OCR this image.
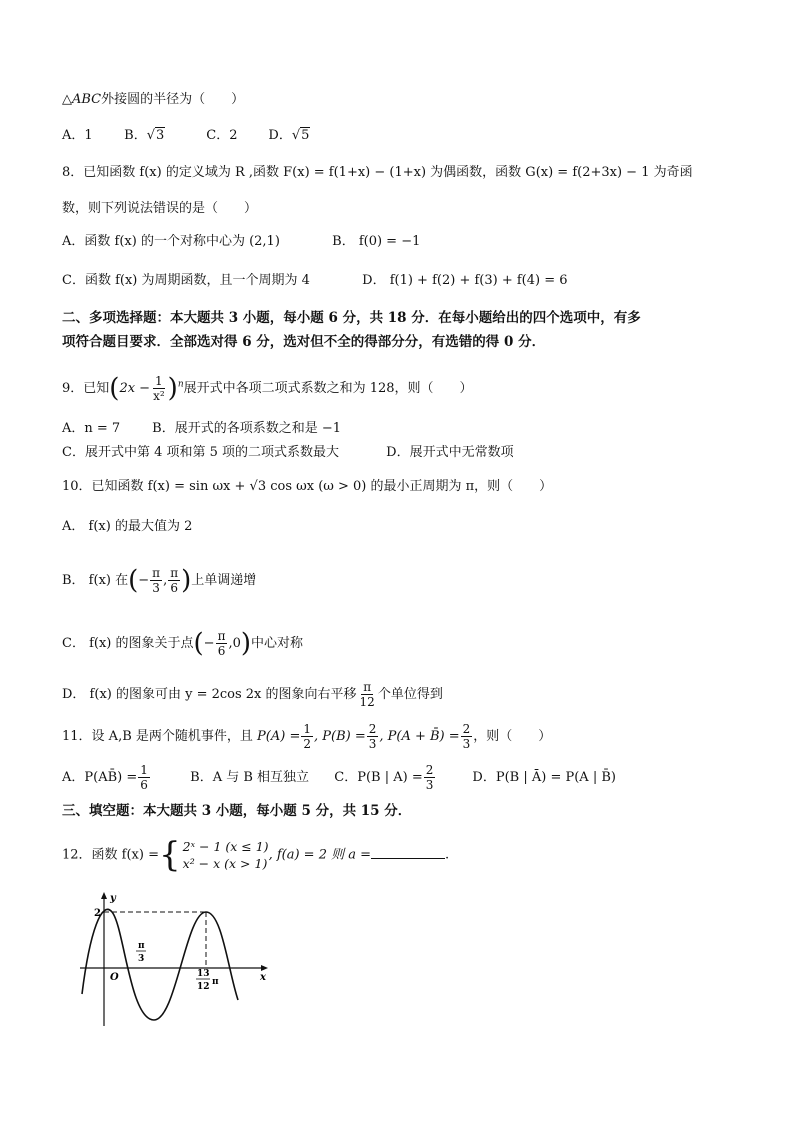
△ABC外接圆的半径为（　　）
A．1 B．√3	C．2 D．√5
8．已知函数 f(x) 的定义域为 R ,函数 F(x) = f(1+x) − (1+x) 为偶函数，函数 G(x) = f(2+3x) − 1 为奇函
数，则下列说法错误的是（　　）
A．函数 f(x) 的一个对称中心为 (2,1)	B． f(0) = −1
C．函数 f(x) 为周期函数，且一个周期为 4	D． f(1) + f(2) + f(3) + f(4) = 6
二、多项选择题：本大题共 3 小题，每小题 6 分，共 18 分．在每小题给出的四个选项中，有多
项符合题目要求．全部选对得 6 分，选对但不全的得部分分，有选错的得 0 分．
9．已知$(2x - \frac{1}{\text{x²}} )^n$展开式中各项二项式系数之和为 128，则（　　）
A．n = 7 B．展开式的各项系数之和是 −1
C．展开式中第 4 项和第 5 项的二项式系数最大	D．展开式中无常数项
10．已知函数 f(x) = sin ωx + √3 cos ωx (ω > 0) 的最小正周期为 π，则（　　）
A． f(x) 的最大值为 2
B． f(x) 在(− $\frac{\pi}{3}$ , $\frac{\pi}{6}$ )上单调递增
C． f(x) 的图象关于点(− $\frac{\pi}{6} ,0$)中心对称
D． f(x) 的图象可由 y = 2cos 2x 的图象向右平移 $\frac{\pi}{12}$ 个单位得到
11．设 A,B 是两个随机事件，且 $P(A) = \frac{1}{2}$ , $P(B) = \frac{2}{3}$ , P(A + B̄) = $\frac{2}{3}$ ，则（　　）
A．P(AB̄) = $\frac{1}{6}$	B．A 与 B 相互独立 C．P(B | $A) = \frac{2}{3}$	D．P(B | Ā) = P(A | B̄)
三、填空题：本大题共 3 小题，每小题 5 分，共 15 分．
12．函数 f(x) = { 2ˣ − 1 (x ≤ 1)
x² − x (x > 1)
, f(a) = 2 则 a =	.
y
x
O
2
π
3
13
12 π
